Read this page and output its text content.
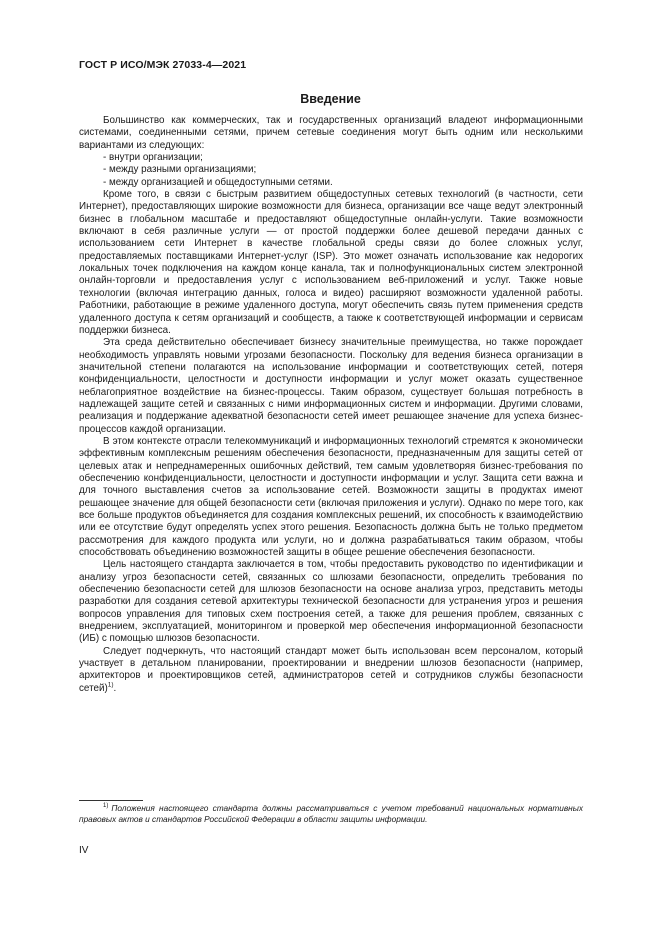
ГОСТ Р ИСО/МЭК 27033-4—2021
Введение

Большинство как коммерческих, так и государственных организаций владеют информационными системами, соединенными сетями, причем сетевые соединения могут быть одним или несколькими вариантами из следующих:

- внутри организации;
- между разными организациями;
- между организацией и общедоступными сетями.

Кроме того, в связи с быстрым развитием общедоступных сетевых технологий (в частности, сети Интернет), предоставляющих широкие возможности для бизнеса, организации все чаще ведут электронный бизнес в глобальном масштабе и предоставляют общедоступные онлайн-услуги. Такие возможности включают в себя различные услуги — от простой поддержки более дешевой передачи данных с использованием сети Интернет в качестве глобальной среды связи до более сложных услуг, предоставляемых поставщиками Интернет-услуг (ISP). Это может означать использование как недорогих локальных точек подключения на каждом конце канала, так и полнофункциональных систем электронной онлайн-торговли и предоставления услуг с использованием веб-приложений и услуг. Также новые технологии (включая интеграцию данных, голоса и видео) расширяют возможности удаленной работы. Работники, работающие в режиме удаленного доступа, могут обеспечить связь путем применения средств удаленного доступа к сетям организаций и сообществ, а также к соответствующей информации и сервисам поддержки бизнеса.

Эта среда действительно обеспечивает бизнесу значительные преимущества, но также порождает необходимость управлять новыми угрозами безопасности. Поскольку для ведения бизнеса организации в значительной степени полагаются на использование информации и соответствующих сетей, потеря конфиденциальности, целостности и доступности информации и услуг может оказать существенное неблагоприятное воздействие на бизнес-процессы. Таким образом, существует большая потребность в надлежащей защите сетей и связанных с ними информационных систем и информации. Другими словами, реализация и поддержание адекватной безопасности сетей имеет решающее значение для успеха бизнес-процессов каждой организации.

В этом контексте отрасли телекоммуникаций и информационных технологий стремятся к экономически эффективным комплексным решениям обеспечения безопасности, предназначенным для защиты сетей от целевых атак и непреднамеренных ошибочных действий, тем самым удовлетворяя бизнес-требования по обеспечению конфиденциальности, целостности и доступности информации и услуг. Защита сети важна и для точного выставления счетов за использование сетей. Возможности защиты в продуктах имеют решающее значение для общей безопасности сети (включая приложения и услуги). Однако по мере того, как все больше продуктов объединяется для создания комплексных решений, их способность к взаимодействию или ее отсутствие будут определять успех этого решения. Безопасность должна быть не только предметом рассмотрения для каждого продукта или услуги, но и должна разрабатываться таким образом, чтобы способствовать объединению возможностей защиты в общее решение обеспечения безопасности.

Цель настоящего стандарта заключается в том, чтобы предоставить руководство по идентификации и анализу угроз безопасности сетей, связанных со шлюзами безопасности, определить требования по обеспечению безопасности сетей для шлюзов безопасности на основе анализа угроз, представить методы разработки для создания сетевой архитектуры технической безопасности для устранения угроз и решения вопросов управления для типовых схем построения сетей, а также для решения проблем, связанных с внедрением, эксплуатацией, мониторингом и проверкой мер обеспечения информационной безопасности (ИБ) с помощью шлюзов безопасности.

Следует подчеркнуть, что настоящий стандарт может быть использован всем персоналом, который участвует в детальном планировании, проектировании и внедрении шлюзов безопасности (например, архитекторов и проектировщиков сетей, администраторов сетей и сотрудников службы безопасности сетей)$^{1)}$.

$^{1)}$ Положения настоящего стандарта должны рассматриваться с учетом требований национальных нормативных правовых актов и стандартов Российской Федерации в области защиты информации.
IV
